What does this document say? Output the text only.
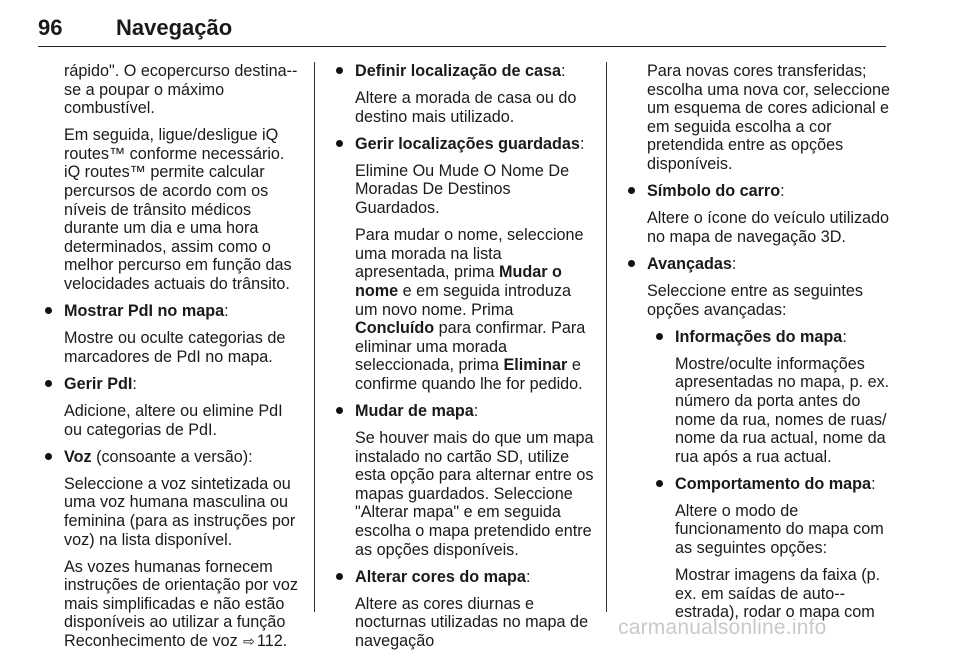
96 Navegação

rápido". O ecopercurso destina--se a poupar o máximo combustível.

Em seguida, ligue/desligue iQ routes™ conforme necessário. iQ routes™ permite calcular percursos de acordo com os níveis de trânsito médicos durante um dia e uma hora determinados, assim como o melhor percurso em função das velocidades actuais do trânsito.

Mostrar PdI no mapa:

Mostre ou oculte categorias de marcadores de PdI no mapa.

Gerir PdI:

Adicione, altere ou elimine PdI ou categorias de PdI.

Voz (consoante a versão):

Seleccione a voz sintetizada ou uma voz humana masculina ou feminina (para as instruções por voz) na lista disponível.

As vozes humanas fornecem instruções de orientação por voz mais simplificadas e não estão disponíveis ao utilizar a função Reconhecimento de voz ⇨ 112.

Definir localização de casa:

Altere a morada de casa ou do destino mais utilizado.

Gerir localizações guardadas:

Elimine Ou Mude O Nome De Moradas De Destinos Guardados.

Para mudar o nome, seleccione uma morada na lista apresentada, prima Mudar o nome e em seguida introduza um novo nome. Prima Concluído para confirmar. Para eliminar uma morada seleccionada, prima Eliminar e confirme quando lhe for pedido.

Mudar de mapa:

Se houver mais do que um mapa instalado no cartão SD, utilize esta opção para alternar entre os mapas guardados. Seleccione "Alterar mapa" e em seguida escolha o mapa pretendido entre as opções disponíveis.

Alterar cores do mapa:

Altere as cores diurnas e nocturnas utilizadas no mapa de navegação

Para novas cores transferidas; escolha uma nova cor, seleccione um esquema de cores adicional e em seguida escolha a cor pretendida entre as opções disponíveis.

Símbolo do carro:

Altere o ícone do veículo utilizado no mapa de navegação 3D.

Avançadas:

Seleccione entre as seguintes opções avançadas:

Informações do mapa:

Mostre/oculte informações apresentadas no mapa, p. ex. número da porta antes do nome da rua, nomes de ruas/ nome da rua actual, nome da rua após a rua actual.

Comportamento do mapa:

Altere o modo de funcionamento do mapa com as seguintes opções:

Mostrar imagens da faixa (p. ex. em saídas de auto--estrada), rodar o mapa com

carmanualsonline.info
